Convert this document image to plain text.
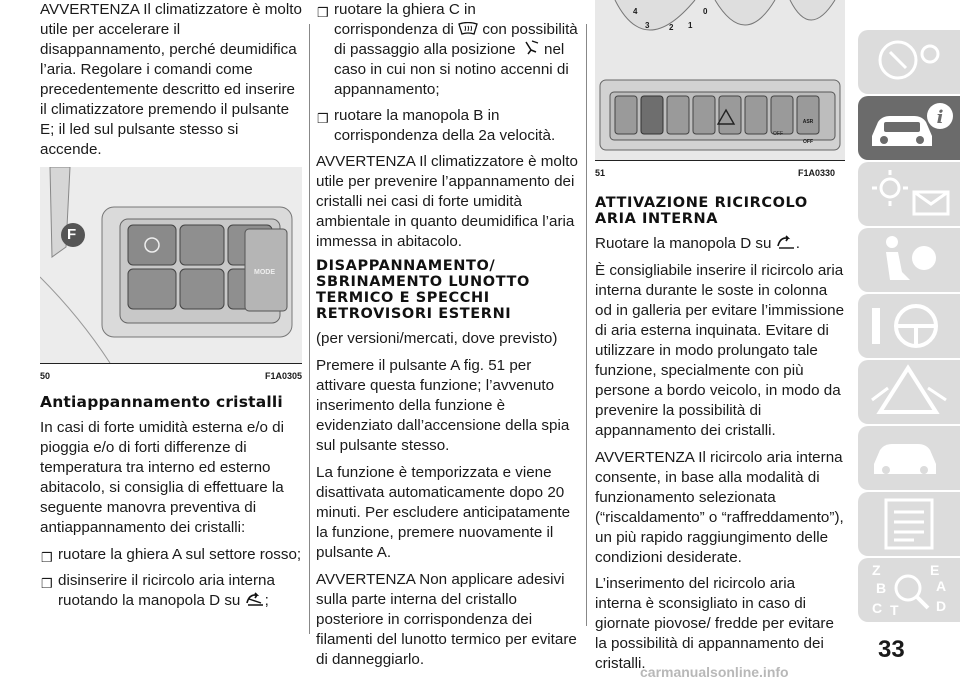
AVVERTENZA Il climatizzatore è molto utile per accelerare il disappannamento, perché deumidifica l’aria. Regolare i comandi come precedentemente descritto ed inserire il climatizzatore premendo il pulsante E; il led sul pulsante stesso si accende.

F
MODE
50	F1A0305
Antiappannamento cristalli

In casi di forte umidità esterna e/o di pioggia e/o di forti differenze di temperatura tra interno ed esterno abitacolo, si consiglia di effettuare la seguente manovra preventiva di antiappannamento dei cristalli:

❒ ruotare la ghiera A sul settore rosso;
❒ disinserire il ricircolo aria interna ruotando la manopola D su ;
❒ ruotare la ghiera C in corrispondenza di con possibilità di passaggio alla posizione nel caso in cui non si notino accenni di appannamento;
❒ ruotare la manopola B in corrispondenza della 2a velocità.

AVVERTENZA Il climatizzatore è molto utile per prevenire l’appannamento dei cristalli nei casi di forte umidità ambientale in quanto deumidifica l’aria immessa in abitacolo.

DISAPPANNAMENTO/ SBRINAMENTO LUNOTTO TERMICO E SPECCHI RETROVISORI ESTERNI

(per versioni/mercati, dove previsto)

Premere il pulsante A fig. 51 per attivare questa funzione; l’avvenuto inserimento della funzione è evidenziato dall’accensione della spia sul pulsante stesso.

La funzione è temporizzata e viene disattivata automaticamente dopo 20 minuti. Per escludere anticipatamente la funzione, premere nuovamente il pulsante A.

AVVERTENZA Non applicare adesivi sulla parte interna del cristallo posteriore in corrispondenza dei filamenti del lunotto termico per evitare di danneggiarlo.

4	0
3 2 1
OFF
ASR OFF
51	F1A0330
ATTIVAZIONE RICIRCOLO ARIA INTERNA

Ruotare la manopola D su .

È consigliabile inserire il ricircolo aria interna durante le soste in colonna od in galleria per evitare l’immissione di aria esterna inquinata. Evitare di utilizzare in modo prolungato tale funzione, specialmente con più persone a bordo veicolo, in modo da prevenire la possibilità di appannamento dei cristalli.

AVVERTENZA Il ricircolo aria interna consente, in base alla modalità di funzionamento selezionata (“riscaldamento” o “raffreddamento”), un più rapido raggiungimento delle condizioni desiderate.

L’inserimento del ricircolo aria interna è sconsigliato in caso di giornate piovose/ fredde per evitare la possibilità di appannamento dei cristalli.

i
Z	E
B	A
C	D
T
33
carmanualsonline.info
